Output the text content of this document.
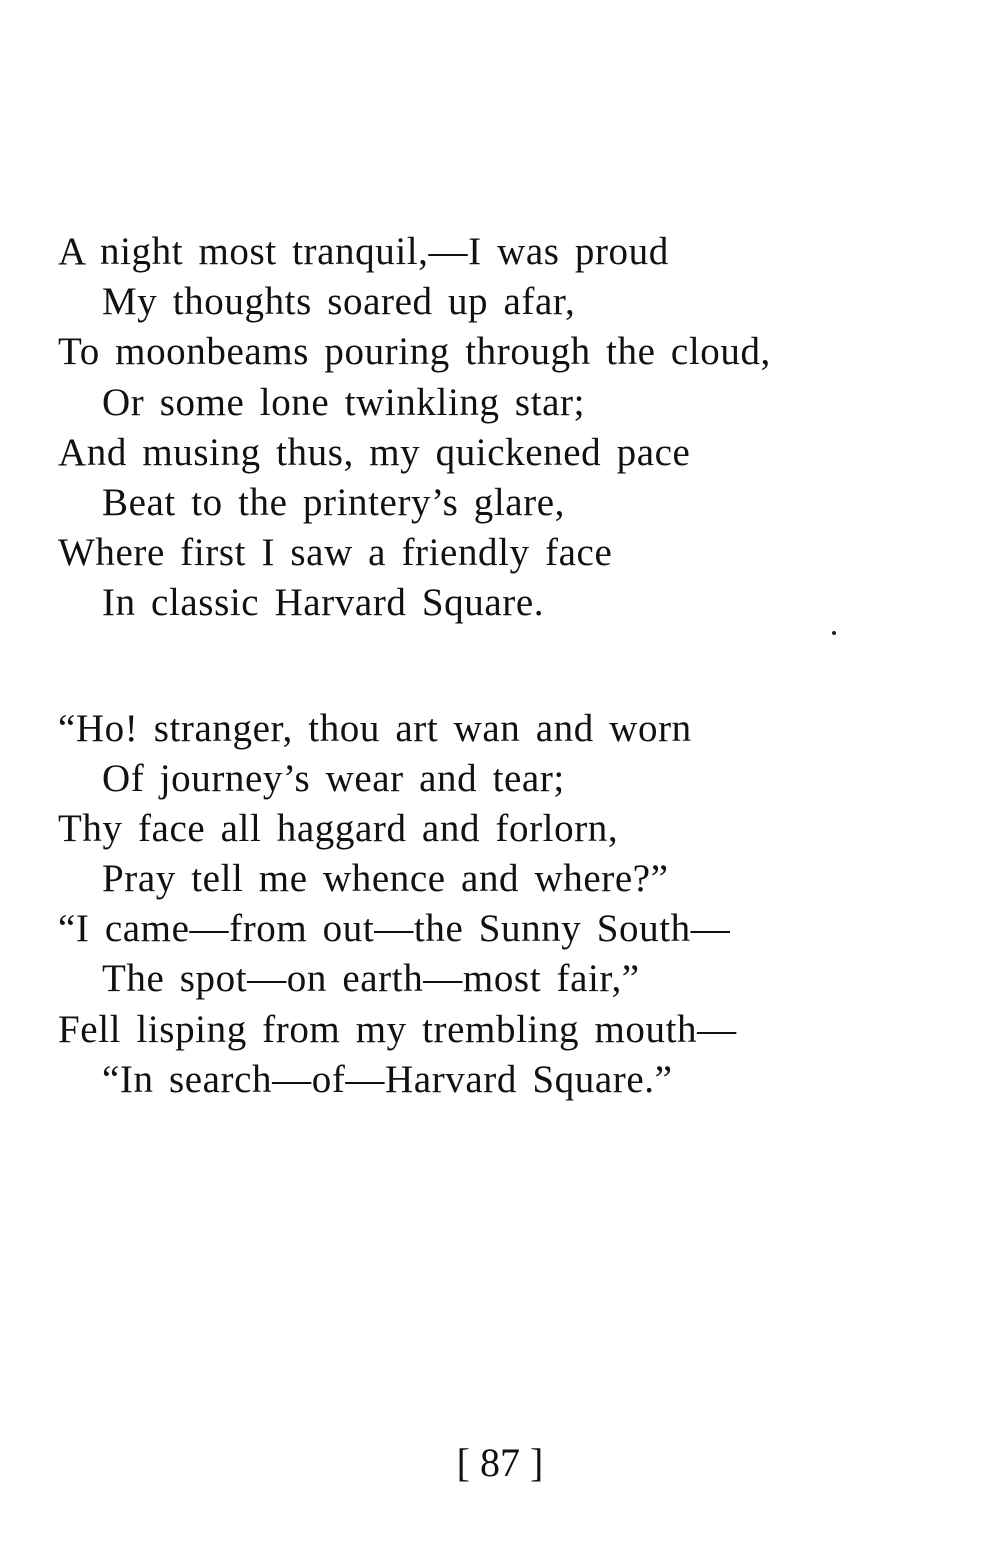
A night most tranquil,—I was proud
My thoughts soared up afar,
To moonbeams pouring through the cloud,
Or some lone twinkling star;
And musing thus, my quickened pace
Beat to the printery’s glare,
Where first I saw a friendly face
In classic Harvard Square.
“Ho! stranger, thou art wan and worn
Of journey’s wear and tear;
Thy face all haggard and forlorn,
Pray tell me whence and where?”
“I came—from out—the Sunny South—
The spot—on earth—most fair,”
Fell lisping from my trembling mouth—
“In search—of—Harvard Square.”
[ 87 ]
